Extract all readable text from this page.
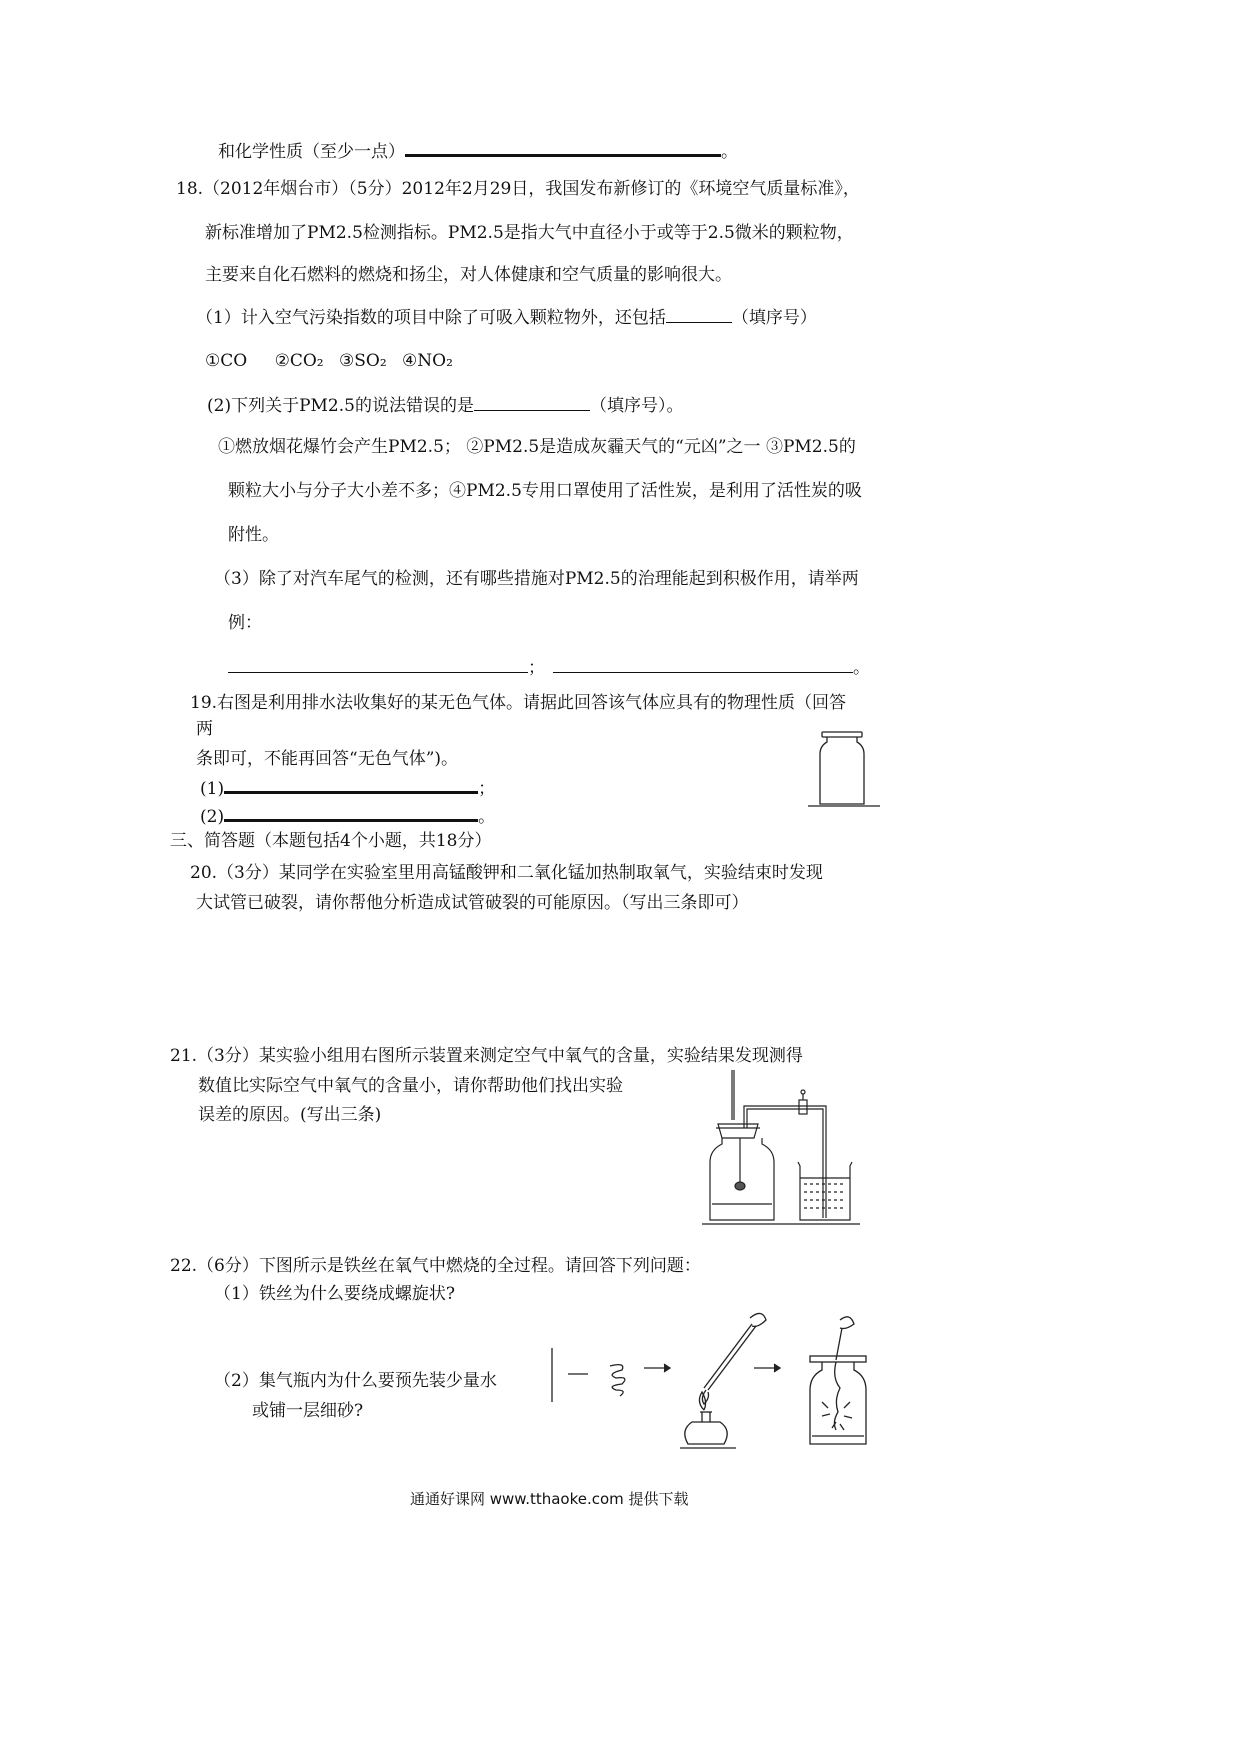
和化学性质（至少一点）	。
18.（2012年烟台市）（5分）2012年2月29日，我国发布新修订的《环境空气质量标准》，
新标准增加了PM2.5检测指标。PM2.5是指大气中直径小于或等于2.5微米的颗粒物，
主要来自化石燃料的燃烧和扬尘，对人体健康和空气质量的影响很大。
（1）计入空气污染指数的项目中除了可吸入颗粒物外，还包括	（填序号）
①CO ②CO₂ ③SO₂ ④NO₂
(2)下列关于PM2.5的说法错误的是	（填序号）。
①燃放烟花爆竹会产生PM2.5； ②PM2.5是造成灰霾天气的“元凶”之一 ③PM2.5的
颗粒大小与分子大小差不多；④PM2.5专用口罩使用了活性炭，是利用了活性炭的吸
附性。
（3）除了对汽车尾气的检测，还有哪些措施对PM2.5的治理能起到积极作用，请举两
例：
；	。
19.右图是利用排水法收集好的某无色气体。请据此回答该气体应具有的物理性质（回答
两
条即可，不能再回答“无色气体”)。
(1)	；
(2)	。
三、简答题（本题包括4个小题，共18分）
20.（3分）某同学在实验室里用高锰酸钾和二氧化锰加热制取氧气，实验结束时发现
大试管已破裂，请你帮他分析造成试管破裂的可能原因。（写出三条即可）
21.（3分）某实验小组用右图所示装置来测定空气中氧气的含量，实验结果发现测得
数值比实际空气中氧气的含量小，请你帮助他们找出实验
误差的原因。(写出三条)
22.（6分）下图所示是铁丝在氧气中燃烧的全过程。请回答下列问题：
（1）铁丝为什么要绕成螺旋状?
（2）集气瓶内为什么要预先装少量水
或铺一层细砂?
通通好课网 www.tthaoke.com 提供下载
